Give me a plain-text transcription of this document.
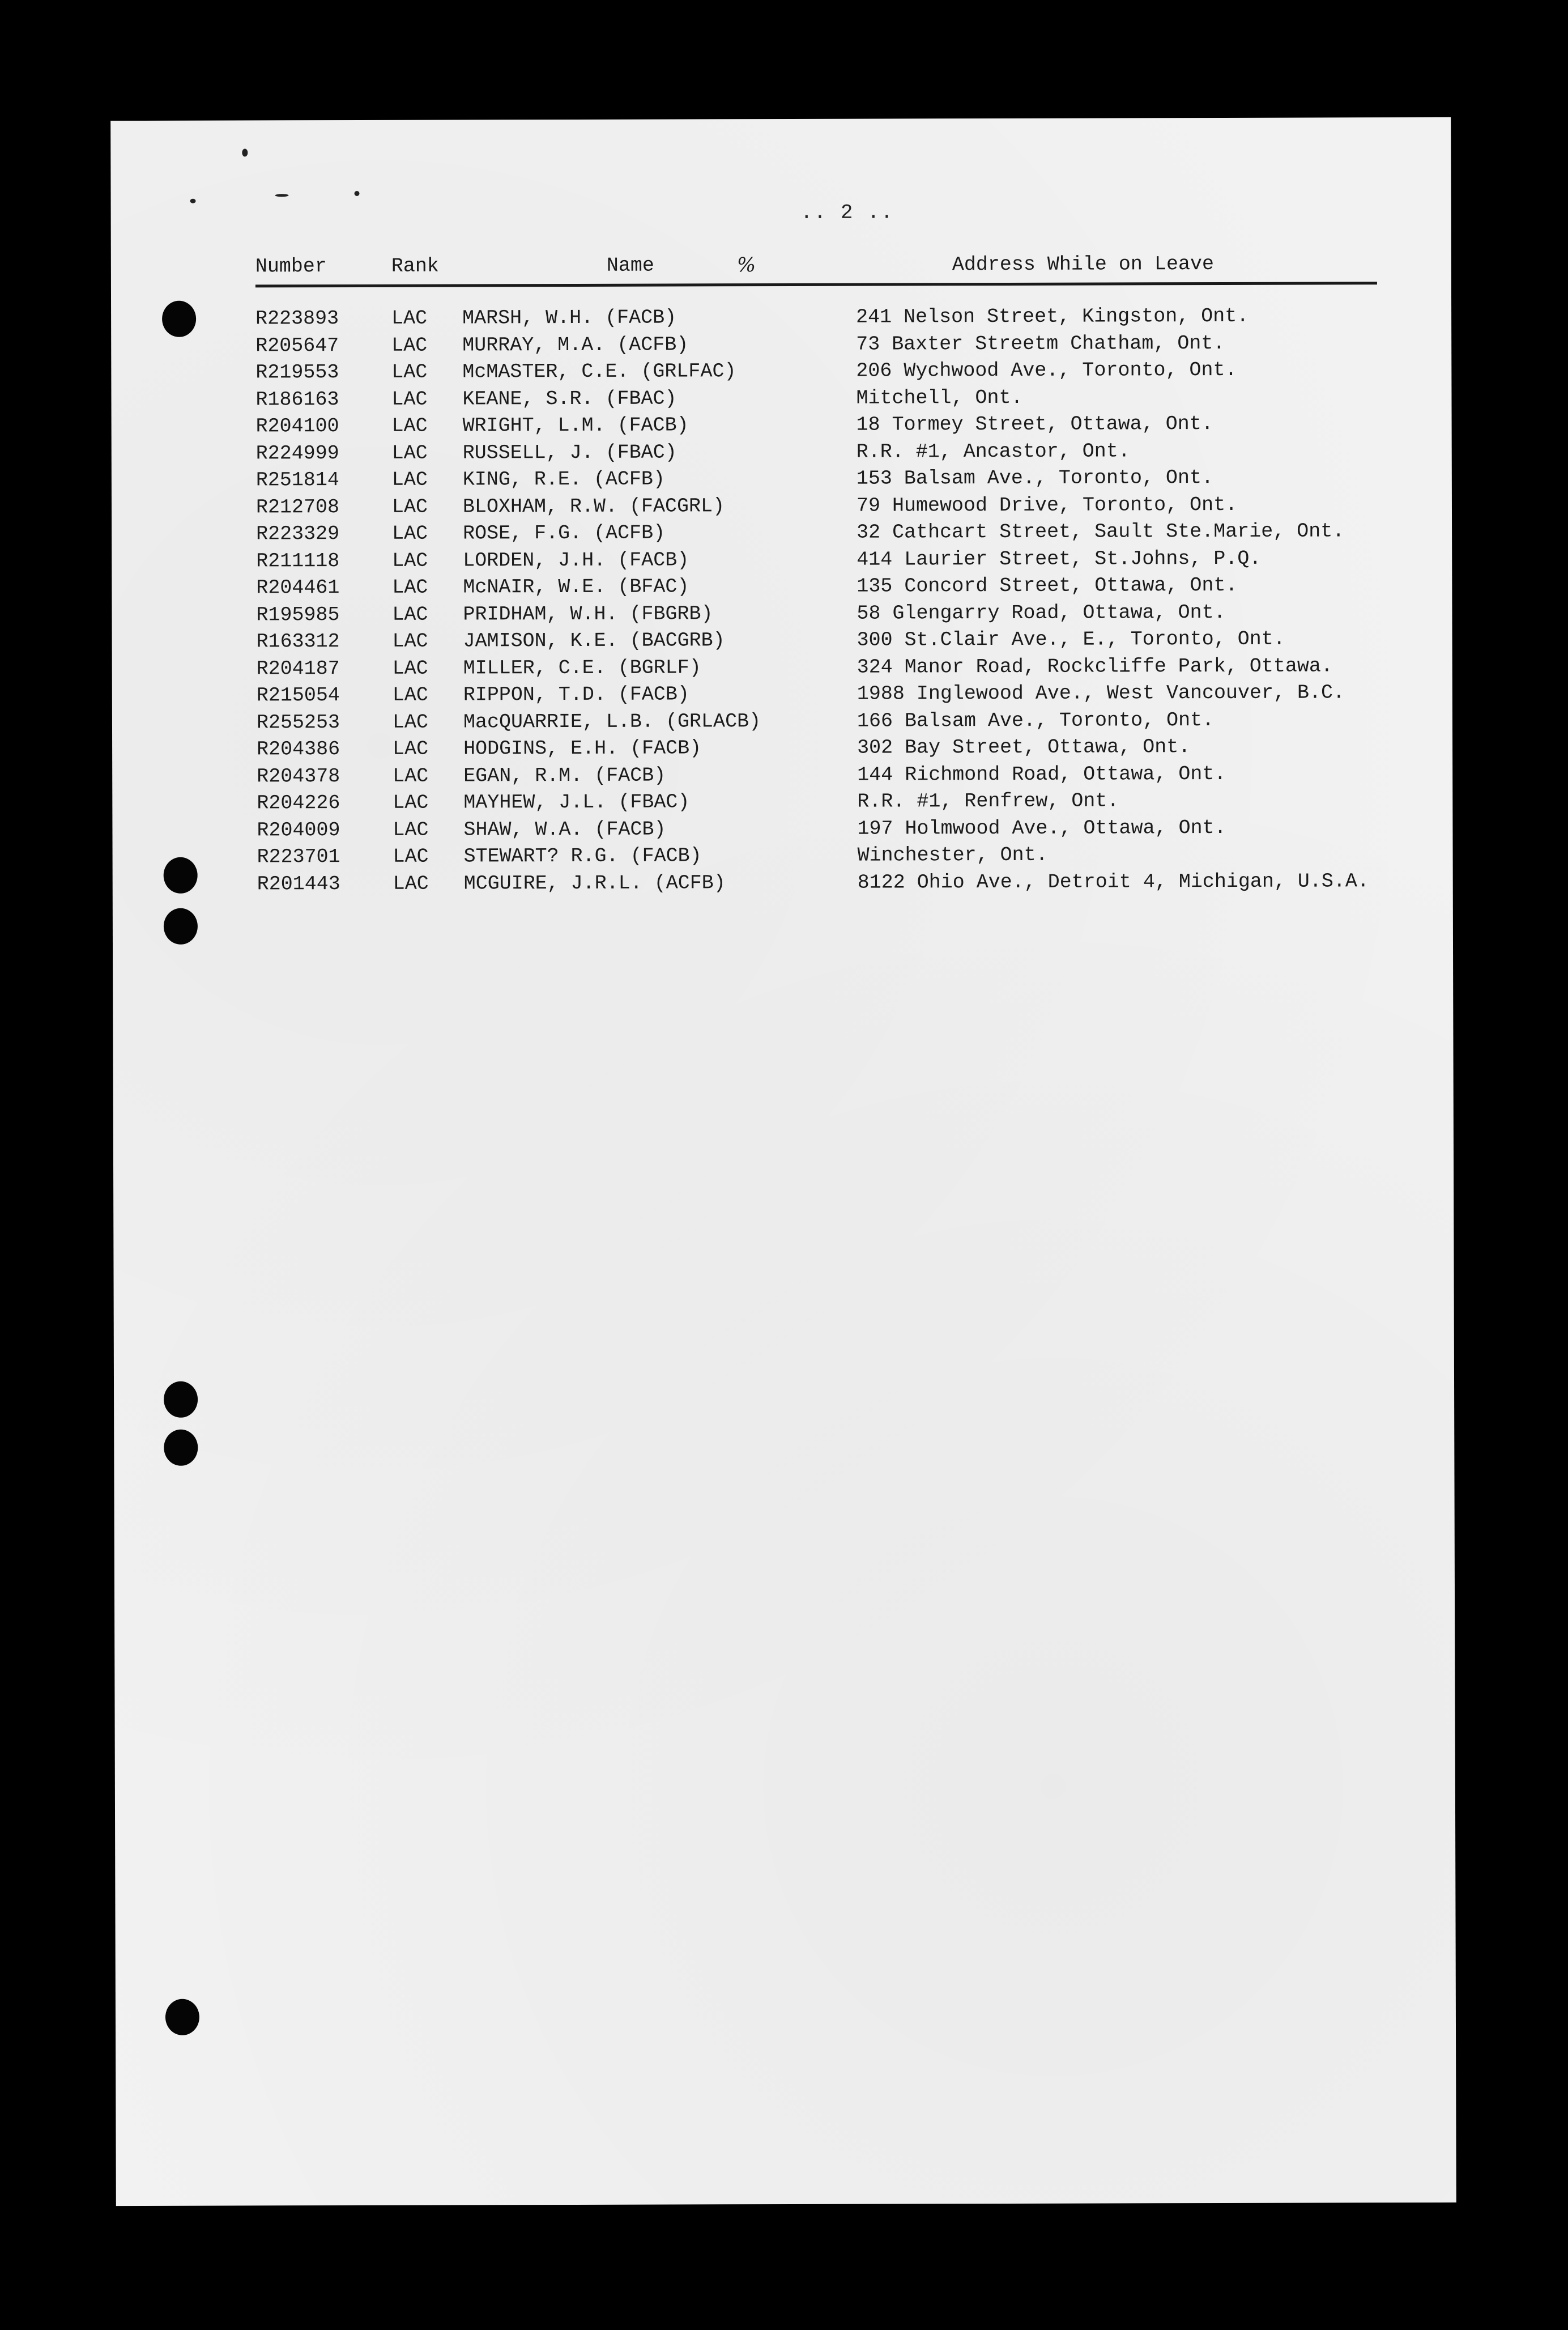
.. 2 ..
Number	Rank	Name	%	Address While on Leave
R223893	LAC MARSH, W.H. (FACB)	241 Nelson Street, Kingston, Ont.
R205647	LAC MURRAY, M.A. (ACFB)	73 Baxter Streetm Chatham, Ont.
R219553	LAC McMASTER, C.E. (GRLFAC)	206 Wychwood Ave., Toronto, Ont.
R186163	LAC KEANE, S.R. (FBAC)	Mitchell, Ont.
R204100	LAC WRIGHT, L.M. (FACB)	18 Tormey Street, Ottawa, Ont.
R224999	LAC RUSSELL, J. (FBAC)	R.R. #1, Ancastor, Ont.
R251814	LAC KING, R.E. (ACFB)	153 Balsam Ave., Toronto, Ont.
R212708	LAC BLOXHAM, R.W. (FACGRL)	79 Humewood Drive, Toronto, Ont.
R223329	LAC ROSE, F.G. (ACFB)	32 Cathcart Street, Sault Ste.Marie, Ont.
R211118	LAC LORDEN, J.H. (FACB)	414 Laurier Street, St.Johns, P.Q.
R204461	LAC McNAIR, W.E. (BFAC)	135 Concord Street, Ottawa, Ont.
R195985	LAC PRIDHAM, W.H. (FBGRB)	58 Glengarry Road, Ottawa, Ont.
R163312	LAC JAMISON, K.E. (BACGRB)	300 St.Clair Ave., E., Toronto, Ont.
R204187	LAC MILLER, C.E. (BGRLF)	324 Manor Road, Rockcliffe Park, Ottawa.
R215054	LAC RIPPON, T.D. (FACB)	1988 Inglewood Ave., West Vancouver, B.C.
R255253	LAC MacQUARRIE, L.B. (GRLACB)	166 Balsam Ave., Toronto, Ont.
R204386	LAC HODGINS, E.H. (FACB)	302 Bay Street, Ottawa, Ont.
R204378	LAC EGAN, R.M. (FACB)	144 Richmond Road, Ottawa, Ont.
R204226	LAC MAYHEW, J.L. (FBAC)	R.R. #1, Renfrew, Ont.
R204009	LAC SHAW, W.A. (FACB)	197 Holmwood Ave., Ottawa, Ont.
R223701	LAC STEWART? R.G. (FACB)	Winchester, Ont.
R201443	LAC MCGUIRE, J.R.L. (ACFB)	8122 Ohio Ave., Detroit 4, Michigan, U.S.A.
